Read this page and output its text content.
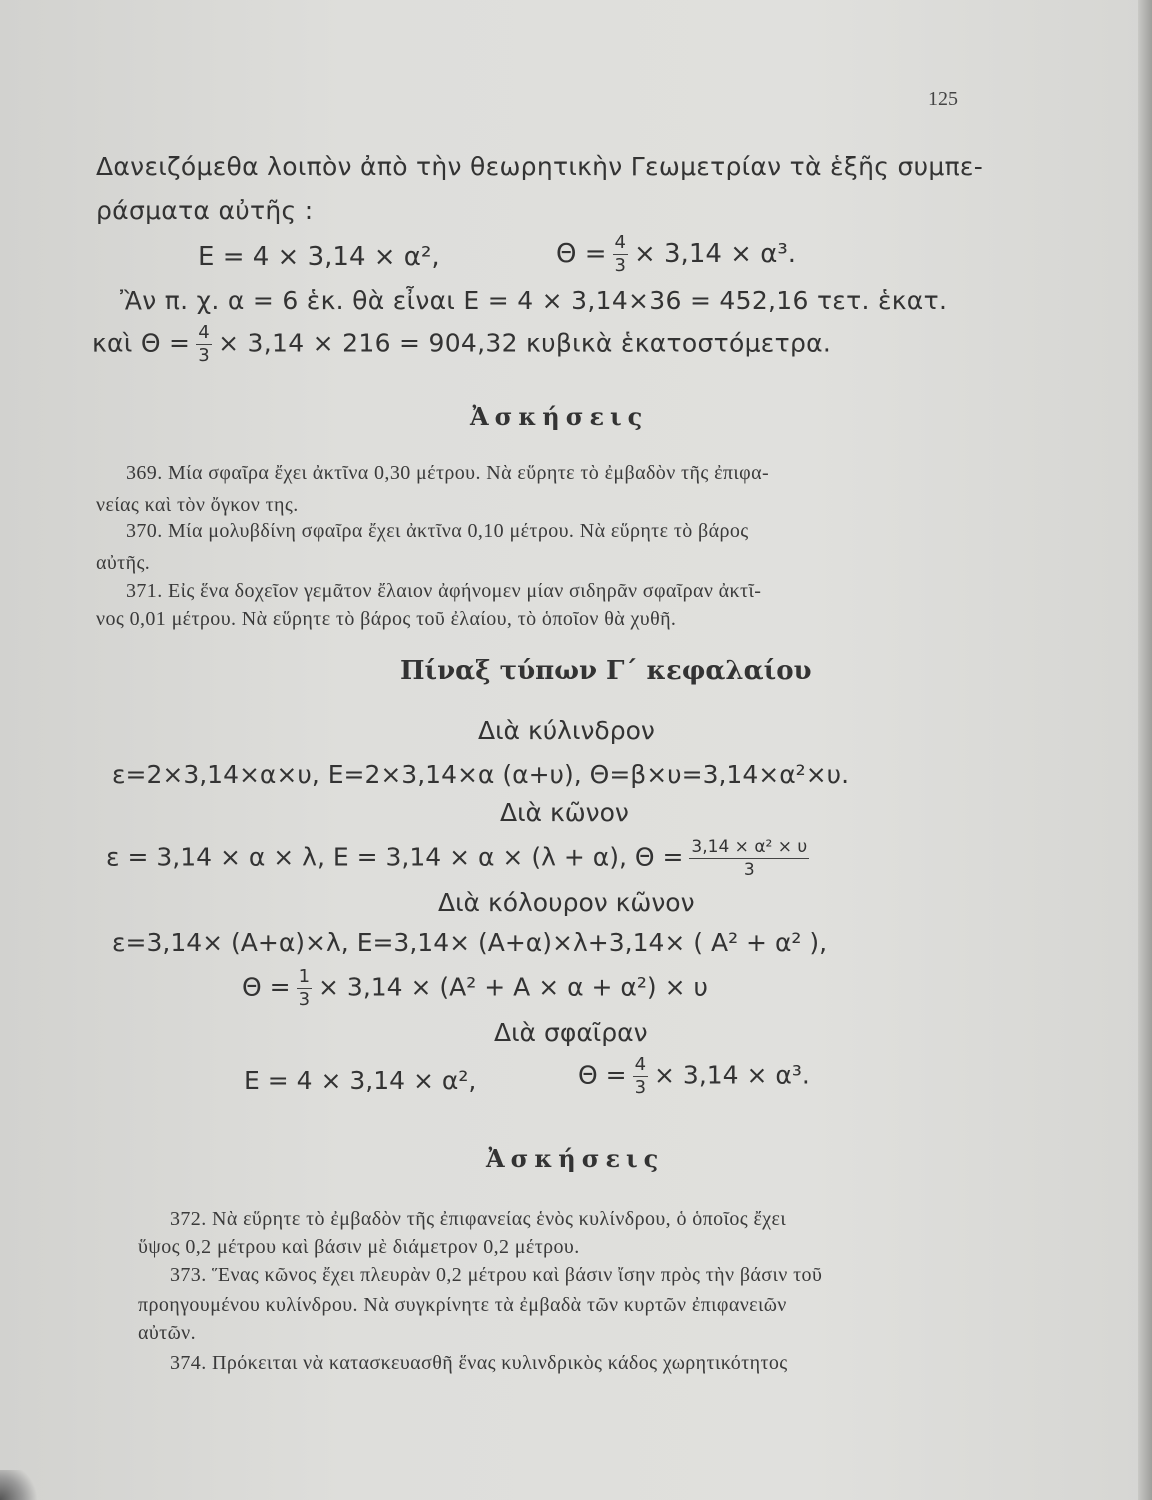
125
Δανειζόμεθα λοιπὸν ἀπὸ τὴν θεωρητικὴν Γεωμετρίαν τὰ ἑξῆς συμπε-
ράσματα αὐτῆς :
E = 4 × 3,14 × α²,	$\Theta = \frac{4}{3} \times 3,14 \times \alpha^3$.
Ἂν π. χ. α = 6 ἑκ. θὰ εἶναι E = 4 × 3,14×36 = 452,16 τετ. ἑκατ.
καὶ $\Theta = \frac{4}{3} \times 3,14 \times 216 = 904,32$ κυβικὰ ἑκατοστόμετρα.
Ἀσκήσεις
369. Μία σφαῖρα ἔχει ἀκτῖνα 0,30 μέτρου. Νὰ εὕρητε τὸ ἐμβαδὸν τῆς ἐπιφα-
νείας καὶ τὸν ὄγκον της.
370. Μία μολυβδίνη σφαῖρα ἔχει ἀκτῖνα 0,10 μέτρου. Νὰ εὕρητε τὸ βάρος
αὐτῆς.
371. Εἰς ἕνα δοχεῖον γεμᾶτον ἔλαιον ἀφήνομεν μίαν σιδηρᾶν σφαῖραν ἀκτῖ-
νος 0,01 μέτρου. Νὰ εὕρητε τὸ βάρος τοῦ ἐλαίου, τὸ ὁποῖον θὰ χυθῆ.
Πίναξ τύπων Γ΄ κεφαλαίου
Διὰ κύλινδρον
ε=2×3,14×α×υ, E=2×3,14×α (α+υ), Θ=β×υ=3,14×α²×υ.
Διὰ κῶνον
ε = 3,14 × α × λ, E = 3,14 × α × (λ + α), $\Theta = \frac{\text{3,14 × α² × υ}}{3}$
Διὰ κόλουρον κῶνον
ε=3,14× (A+α)×λ, E=3,14× (A+α)×λ+3,14× ( A² + α² ),
$\Theta = \frac{1}{3} \times 3,14 \times (A^2 + A \times \alpha + \alpha^2) \times \upsilon$
Διὰ σφαῖραν
E = 4 × 3,14 × α²,	$\Theta = \frac{4}{3} \times 3,14 \times \alpha^3$.
Ἀσκήσεις
372. Νὰ εὕρητε τὸ ἐμβαδὸν τῆς ἐπιφανείας ἑνὸς κυλίνδρου, ὁ ὁποῖος ἔχει
ὕψος 0,2 μέτρου καὶ βάσιν μὲ διάμετρον 0,2 μέτρου.
373. Ἕνας κῶνος ἔχει πλευρὰν 0,2 μέτρου καὶ βάσιν ἴσην πρὸς τὴν βάσιν τοῦ
προηγουμένου κυλίνδρου. Νὰ συγκρίνητε τὰ ἐμβαδὰ τῶν κυρτῶν ἐπιφανειῶν
αὐτῶν.
374. Πρόκειται νὰ κατασκευασθῆ ἕνας κυλινδρικὸς κάδος χωρητικότητος
